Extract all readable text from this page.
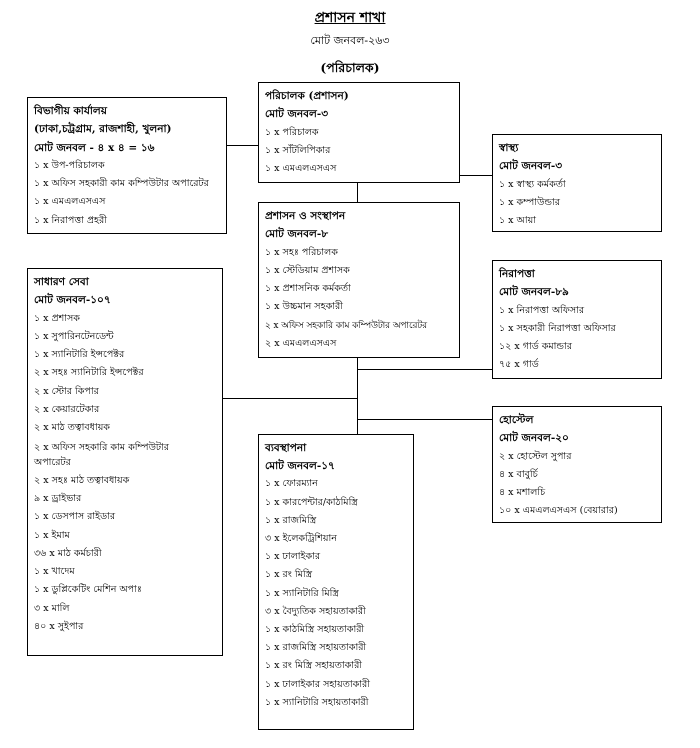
প্রশাসন শাখা
মোট জনবল-২৬৩
(পরিচালক)
পরিচালক (প্রশাসন)
মোট জনবল-৩
১ x পরিচালক
১ x সাঁটলিপিকার
১ x এমএলএসএস
বিভাগীয় কার্যালয়
(ঢাকা,চট্রগ্রাম, রাজশাহী, খুলনা)
মোট জনবল - ৪ x ৪ = ১৬
১ x উপ-পরিচালক
১ x অফিস সহকারী কাম কম্পিউটার অপারেটর
১ x এমএলএসএস
১ x নিরাপত্তা প্রহরী
স্বাস্থ্য
মোট জনবল-৩
১ x স্বাস্থ্য কর্মকর্তা
১ x কম্পাউন্ডার
১ x আয়া
প্রশাসন ও সংস্থাপন
মোট জনবল-৮
১ x সহঃ পরিচালক
১ x স্টেডিয়াম প্রশাসক
১ x প্রশাসনিক কর্মকর্তা
১ x উচ্চমান সহকারী
২ x অফিস সহকারি কাম কম্পিউটার অপারেটর
২ x এমএলএসএস
সাধারণ সেবা
মোট জনবল-১০৭
১ x প্রশাসক
১ x সুপারিনটেনডেন্ট
১ x স্যানিটারি ইন্সপেক্টর
২ x সহঃ স্যানিটারি ইন্সপেক্টর
২ x স্টোর কিপার
২ x কেয়ারটেকার
২ x মাঠ তত্বাবধায়ক
২ x অফিস সহকারি কাম কম্পিউটার অপারেটর
২ x সহঃ মাঠ তত্বাবধায়ক
৯ x ড্রাইভার
১ x ডেসপাস রাইডার
১ x ইমাম
৩৬ x মাঠ কর্মচারী
১ x খাদেম
১ x ডুপ্লিকেটিং মেশিন অপাঃ
৩ x মালি
৪০ x সুইপার
নিরাপত্তা
মোট জনবল-৮৯
১ x নিরাপত্তা অফিসার
১ x সহকারী নিরাপত্তা অফিসার
১২ x গার্ড কমান্ডার
৭৫ x গার্ড
হোস্টেল
মোট জনবল-২০
২ x হোস্টেল সুপার
৪ x বাবুর্চি
৪ x মশালচি
১০ x এমএলএসএস (বেয়ারার)
ব্যবস্থাপনা
মোট জনবল-১৭
১ x ফোরম্যান
১ x কারপেন্টার/কাঠমিস্ত্রি
১ x রাজমিস্ত্রি
৩ x ইলেকট্রিশিয়ান
১ x ঢালাইকার
১ x রং মিস্ত্রি
১ x স্যানিটারি মিস্ত্রি
৩ x বৈদ্যুতিক সহায়তাকারী
১ x কাঠমিস্ত্রি সহায়তাকারী
১ x রাজমিস্ত্রি সহায়তাকারী
১ x রং মিস্ত্রি সহায়তাকারী
১ x ঢালাইকার সহায়তাকারী
১ x স্যানিটারি সহায়তাকারী
